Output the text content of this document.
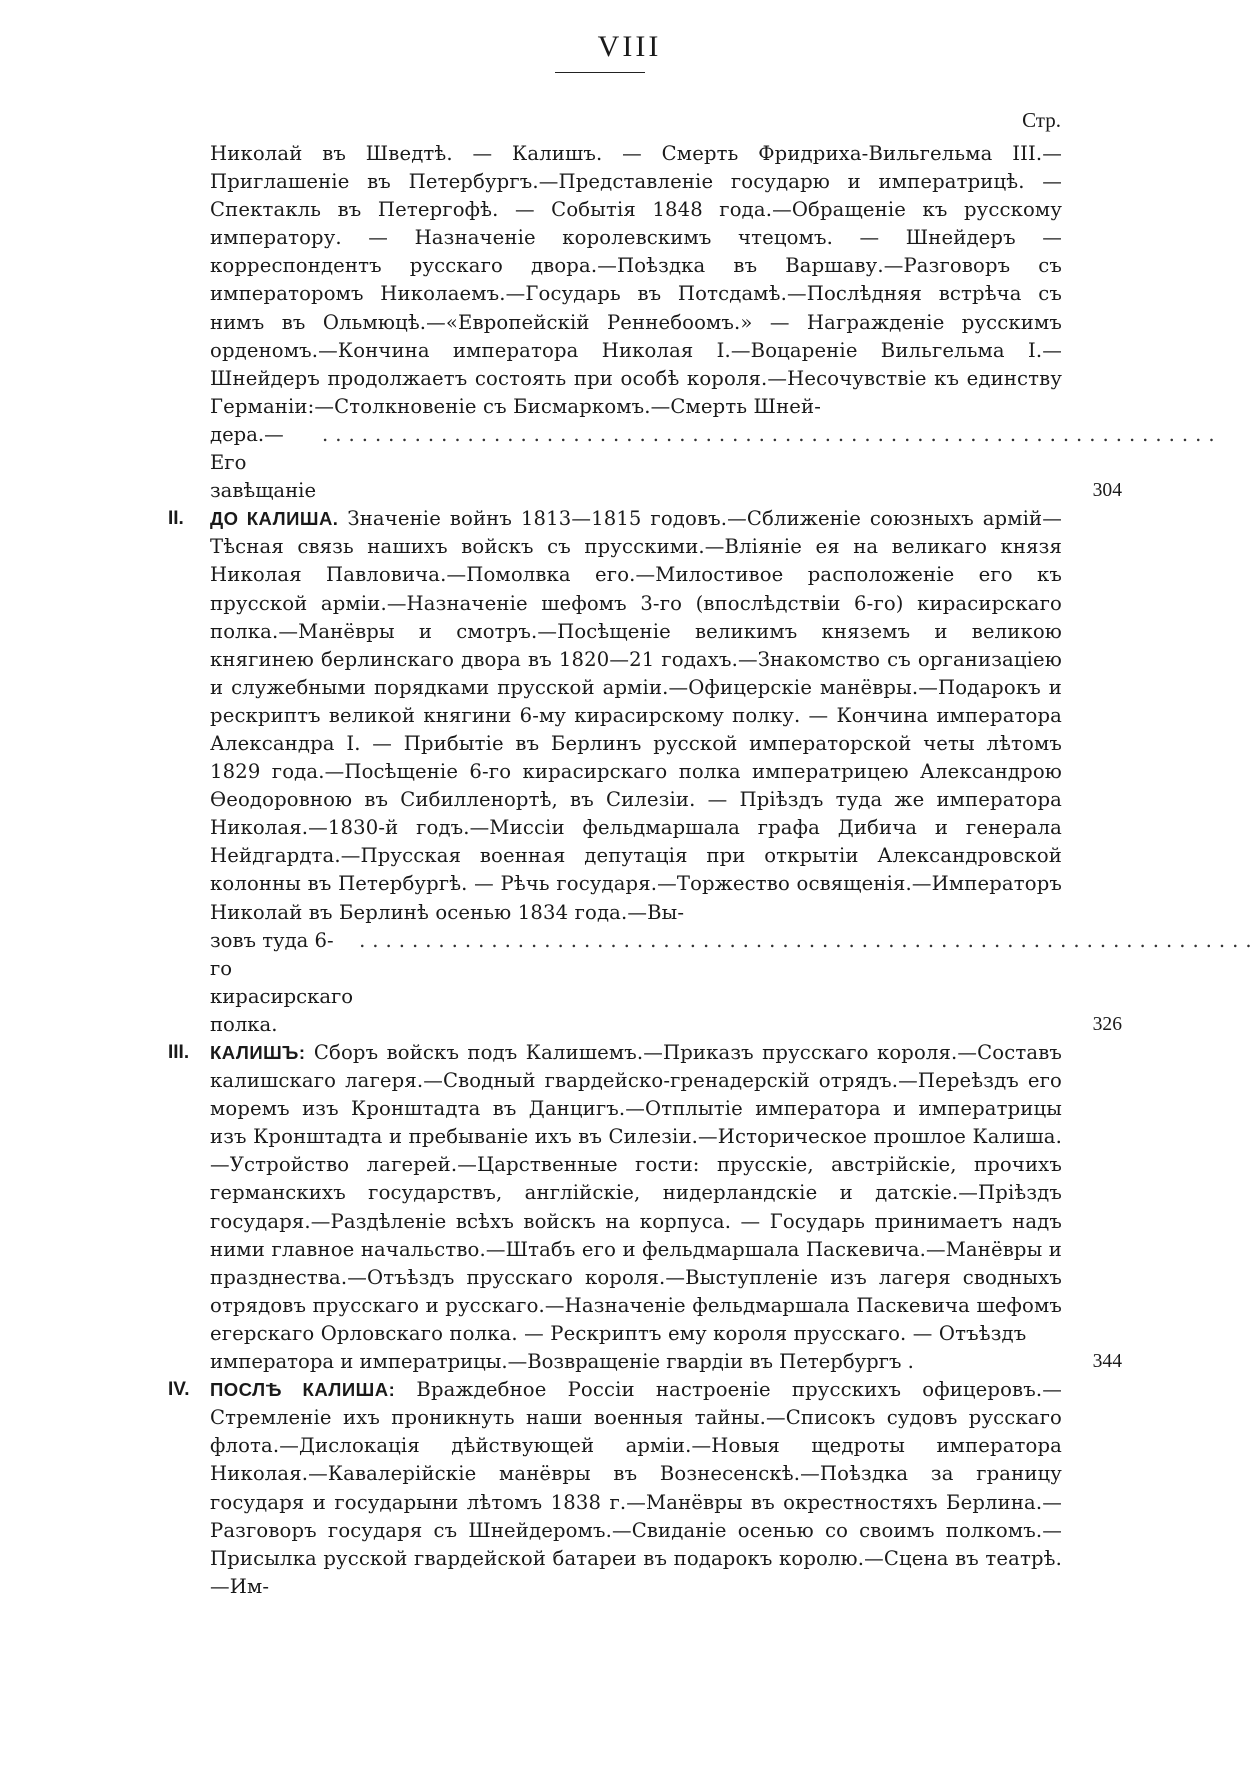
VIII
Стр.

Николай въ Шведтѣ. — Калишъ. — Смерть Фридриха-Вильгельма III.—Приглашеніе въ Петербургъ.—Представленіе государю и императрицѣ. — Спектакль въ Петергофѣ. — Событія 1848 года.—Обращеніе къ русскому императору. — Назначеніе королевскимъ чтецомъ. — Шнейдеръ — корреспондентъ русскаго двора.—Поѣздка въ Варшаву.—Разговоръ съ императоромъ Николаемъ.—Государь въ Потсдамѣ.—Послѣдняя встрѣча съ нимъ въ Ольмюцѣ.—«Европейскій Реннебоомъ.» — Награжденіе русскимъ орденомъ.—Кончина императора Николая I.—Воцареніе Вильгельма I.—Шнейдеръ продолжаетъ состоять при особѣ короля.—Несочувствіе къ единству Германіи:—Столкновеніе съ Бисмаркомъ.—Смерть Шней-

дера.—Его завѣщаніе
....................................................................
304
II. ДО КАЛИША. Значеніе войнъ 1813—1815 годовъ.—Сближеніе союзныхъ армій—Тѣсная связь нашихъ войскъ съ прусскими.—Вліяніе ея на великаго князя Николая Павловича.—Помолвка его.—Милостивое расположеніе его къ прусской арміи.—Назначеніе шефомъ 3-го (впослѣдствіи 6-го) кирасирскаго полка.—Манёвры и смотръ.—Посѣщеніе великимъ княземъ и великою княгинею берлинскаго двора въ 1820—21 годахъ.—Знакомство съ организаціею и служебными порядками прусской арміи.—Офицерскіе манёвры.—Подарокъ и рескриптъ великой княгини 6-му кирасирскому полку. — Кончина императора Александра I. — Прибытіе въ Берлинъ русской императорской четы лѣтомъ 1829 года.—Посѣщеніе 6-го кирасирскаго полка императрицею Александрою Ѳеодоровною въ Сибилленортѣ, въ Силезіи. — Пріѣздъ туда же императора Николая.—1830-й годъ.—Миссіи фельдмаршала графа Дибича и генерала Нейдгардта.—Прусская военная депутація при открытіи Александровской колонны въ Петербургѣ. — Рѣчь государя.—Торжество освященія.—Императоръ Николай въ Берлинѣ осенью 1834 года.—Вы-

зовъ туда 6-го кирасирскаго полка.
....................................................................
326
III. КАЛИШЪ: Сборъ войскъ подъ Калишемъ.—Приказъ прусскаго короля.—Составъ калишскаго лагеря.—Сводный гвардейско-гренадерскій отрядъ.—Переѣздъ его моремъ изъ Кронштадта въ Данцигъ.—Отплытіе императора и императрицы изъ Кронштадта и пребываніе ихъ въ Силезіи.—Историческое прошлое Калиша.—Устройство лагерей.—Царственные гости: прусскіе, австрійскіе, прочихъ германскихъ государствъ, англійскіе, нидерландскіе и датскіе.—Пріѣздъ государя.—Раздѣленіе всѣхъ войскъ на корпуса. — Государь принимаетъ надъ ними главное начальство.—Штабъ его и фельдмаршала Паскевича.—Манёвры и празднества.—Отъѣздъ прусскаго короля.—Выступленіе изъ лагеря сводныхъ отрядовъ прусскаго и русскаго.—Назначеніе фельдмаршала Паскевича шефомъ егерскаго Орловскаго полка. — Рескриптъ ему короля прусскаго. — Отъѣздъ

императора и императрицы.—Возвращеніе гвардіи въ Петербургъ .	344
IV. ПОСЛѢ КАЛИША: Враждебное Россіи настроеніе прусскихъ офицеровъ.—Стремленіе ихъ проникнуть наши военныя тайны.—Списокъ судовъ русскаго флота.—Дислокація дѣйствующей арміи.—Новыя щедроты императора Николая.—Кавалерійскіе манёвры въ Вознесенскѣ.—Поѣздка за границу государя и государыни лѣтомъ 1838 г.—Манёвры въ окрестностяхъ Берлина.—Разговоръ государя съ Шнейдеромъ.—Свиданіе осенью со своимъ полкомъ.—Присылка русской гвардейской батареи въ подарокъ королю.—Сцена въ театрѣ.—Им-
